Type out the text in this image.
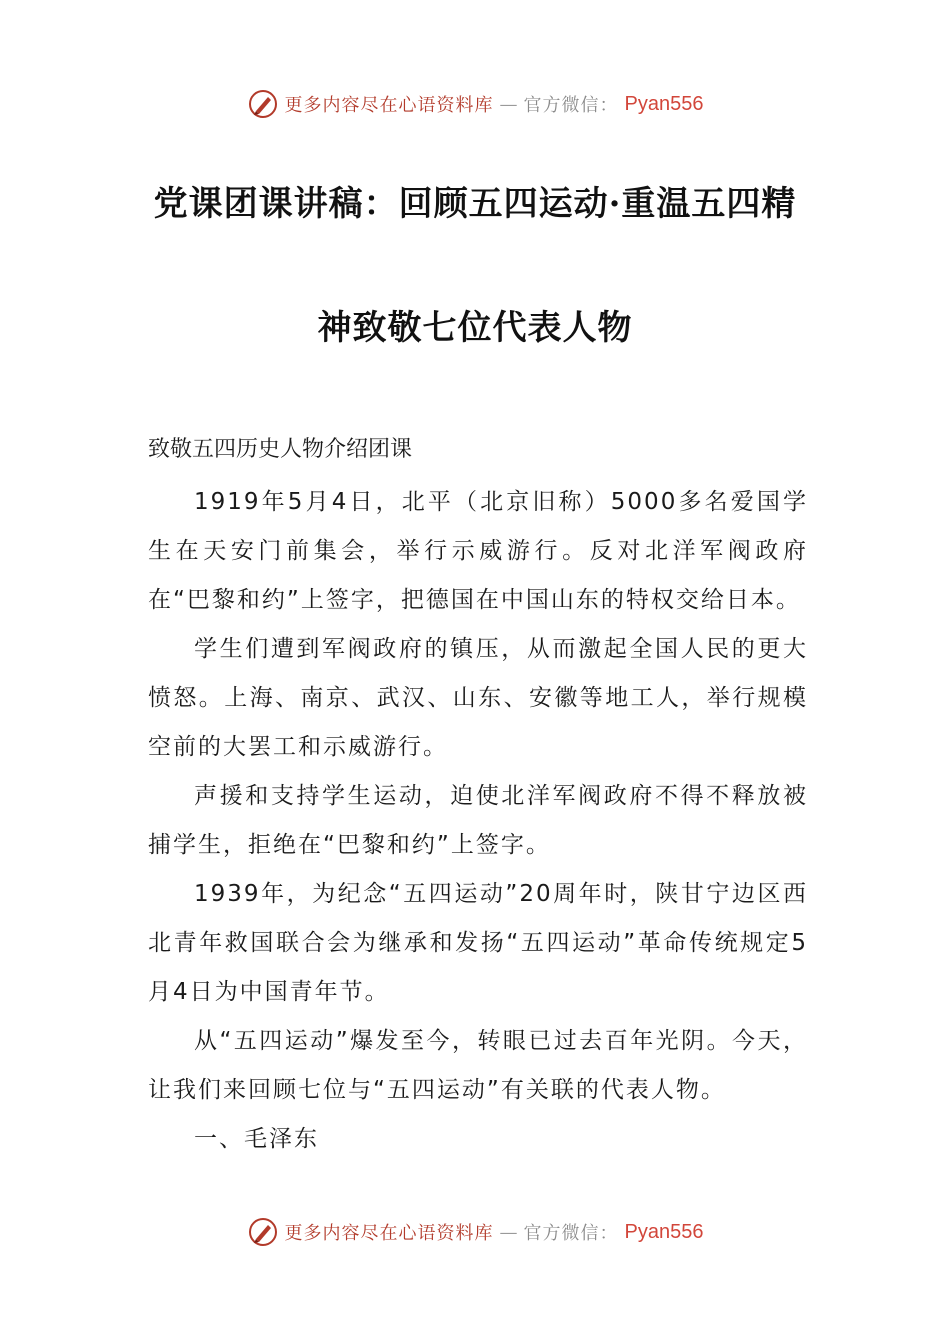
更多内容尽在心语资料库 — 官方微信： Pyan556
党课团课讲稿：回顾五四运动·重温五四精
神致敬七位代表人物
致敬五四历史人物介绍团课

1919年5月4日，北平（北京旧称）5000多名爱国学生在天安门前集会，举行示威游行。反对北洋军阀政府在“巴黎和约”上签字，把德国在中国山东的特权交给日本。

学生们遭到军阀政府的镇压，从而激起全国人民的更大愤怒。上海、南京、武汉、山东、安徽等地工人，举行规模空前的大罢工和示威游行。

声援和支持学生运动，迫使北洋军阀政府不得不释放被捕学生，拒绝在“巴黎和约”上签字。

1939年，为纪念“五四运动”20周年时，陕甘宁边区西北青年救国联合会为继承和发扬“五四运动”革命传统规定5月4日为中国青年节。

从“五四运动”爆发至今，转眼已过去百年光阴。今天，让我们来回顾七位与“五四运动”有关联的代表人物。

一、毛泽东

更多内容尽在心语资料库 — 官方微信： Pyan556
